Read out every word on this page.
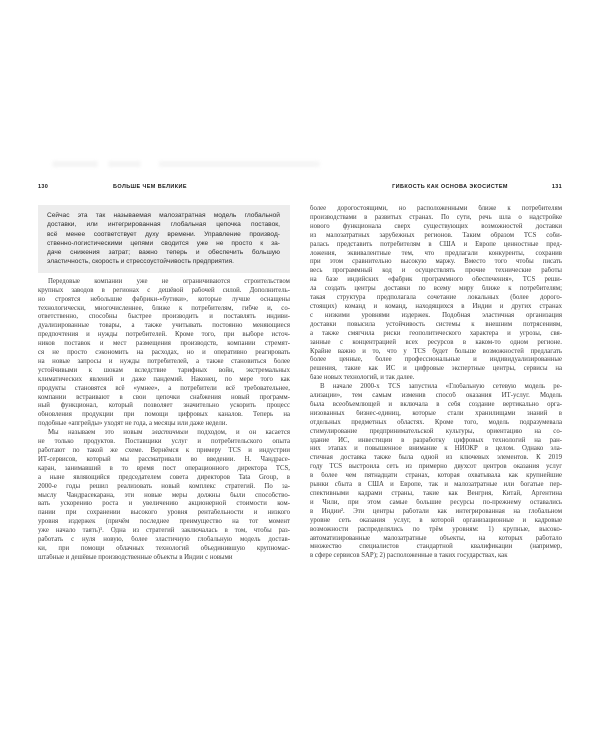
130	БОЛЬШЕ ЧЕМ ВЕЛИКИЕ	ГИБКОСТЬ КАК ОСНОВА ЭКОСИСТЕМ	131
Сейчас эта так называемая малозатратная модель глобальной
доставки, или интегрированная глобальная цепочка поставок,
всё менее соответствует духу времени. Управление производ-
ственно-логистическими цепями сводится уже не просто к за-
даче снижения затрат; важно теперь и обеспечить большую
эластичность, скорость и стрессоустойчивость предприятия.
Передовые компании уже не ограничиваются строительством
крупных заводов в регионах с дешёвой рабочей силой. Дополнитель-
но строятся небольшие фабрики-«бутики», которые лучше оснащены
технологически, многочисленнее, ближе к потребителям, гибче и, со-
ответственно, способны быстрее производить и поставлять индиви-
дуализированные товары, а также учитывать постоянно меняющиеся
предпочтения и нужды потребителей. Кроме того, при выборе источ-
ников поставок и мест размещения производств, компании стремят-
ся не просто сэкономить на расходах, но и оперативно реагировать
на новые запросы и нужды потребителей, а также становиться более
устойчивыми к шокам вследствие тарифных войн, экстремальных
климатических явлений и даже пандемий. Наконец, по мере того как
продукты становятся всё «умнее», а потребители всё требовательнее,
компании встраивают в свои цепочки снабжения новый программ-
ный функционал, который позволяет значительно ускорить процесс
обновления продукции при помощи цифровых каналов. Теперь на
подобные «апгрейды» уходят не года, а месяцы или даже недели.
Мы называем это новым эластичным подходом, и он касается
не только продуктов. Поставщики услуг и потребительского опыта
работают по такой же схеме. Вернёмся к примеру TCS и индустрии
ИТ-сервисов, который мы рассматривали во введении. Н. Чандрасе-
каран, занимавший в то время пост операционного директора TCS,
а ныне являющийся председателем совета директоров Tata Group, в
2000-е годы решил реализовать новый комплекс стратегий. По за-
мыслу Чандрасекарана, эти новые меры должны были способство-
вать ускорению роста и увеличению акционерной стоимости ком-
пании при сохранении высокого уровня рентабельности и низкого
уровня издержек (причём последнее преимущество на тот момент
уже начало таять)¹. Одна из стратегий заключалась в том, чтобы раз-
работать с нуля новую, более эластичную глобальную модель достав-
ки, при помощи облачных технологий объединившую крупномас-
штабные и дешёвые производственные объекты в Индии с новыми
более дорогостоящими, но расположенными ближе к потребителям
производствами в развитых странах. По сути, речь шла о надстройке
нового функционала сверх существующих возможностей доставки
из малозатратных зарубежных регионов. Таким образом TCS соби-
ралась представить потребителям в США и Европе ценностные пред-
ложения, эквивалентные тем, что предлагали конкуренты, сохранив
при этом сравнительно высокую маржу. Вместо того чтобы писать
весь программный код и осуществлять прочие технические работы
на базе индийских «фабрик программного обеспечения», TCS реши-
ла создать центры доставки по всему миру ближе к потребителям;
такая структура предполагала сочетание локальных (более дорого-
стоящих) команд и команд, находящихся в Индии и других странах
с низкими уровнями издержек. Подобная эластичная организация
доставки повысила устойчивость системы к внешним потрясениям,
а также смягчила риски геополитического характера и угрозы, свя-
занные с концентрацией всех ресурсов в каком-то одном регионе.
Крайне важно и то, что у TCS будет больше возможностей предлагать
более ценные, более профессиональные и индивидуализированные
решения, такие как ИС и цифровые экспертные центры, сервисы на
базе новых технологий, и так далее.
В начале 2000-х TCS запустила «Глобальную сетевую модель ре-
ализации», тем самым изменив способ оказания ИТ-услуг. Модель
была всеобъемлющей и включала в себя создание вертикально орга-
низованных бизнес-единиц, которые стали хранилищами знаний в
отдельных предметных областях. Кроме того, модель подразумевала
стимулирование предпринимательской культуры, ориентацию на со-
здание ИС, инвестиции в разработку цифровых технологий на ран-
них этапах и повышенное внимание к НИОКР в целом. Однако эла-
стичная доставка также была одной из ключевых элементов. К 2019
году TCS выстроила сеть из примерно двухсот центров оказания услуг
в более чем пятнадцати странах, которая охватывала как крупнейшие
рынки сбыта в США и Европе, так и малозатратные или богатые пер-
спективными кадрами страны, такие как Венгрия, Китай, Аргентина
и Чили, при этом самые большие ресурсы по-прежнему оставались
в Индии². Эти центры работали как интегрированная на глобальном
уровне сеть оказания услуг, в которой организационные и кадровые
возможности распределялись по трём уровням: 1) крупные, высоко-
автоматизированные малозатратные объекты, на которых работало
множество специалистов стандартной квалификации (например,
в сфере сервисов SAP); 2) расположенные в таких государствах, как
